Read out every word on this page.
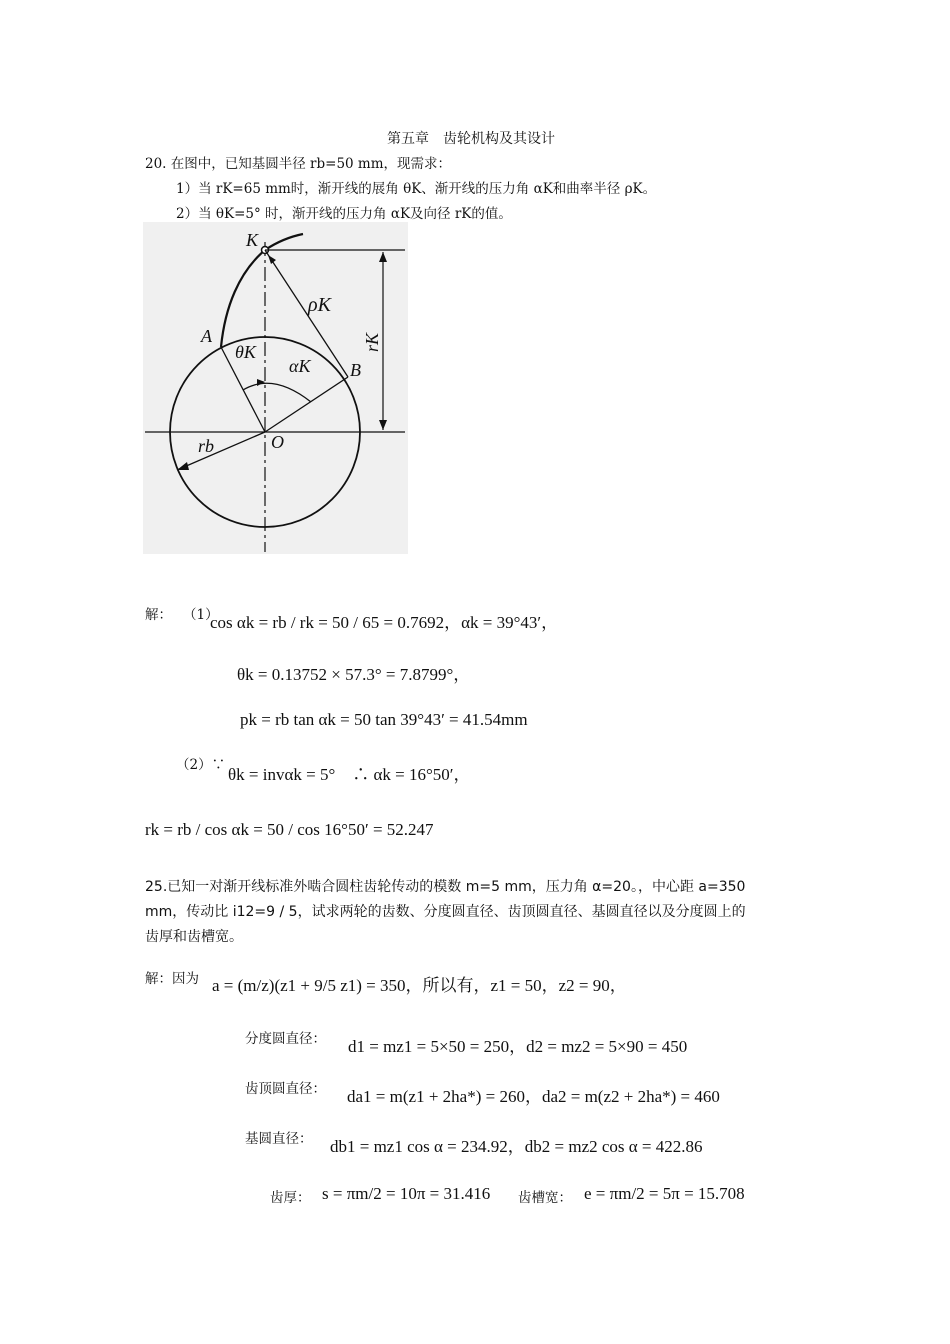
第五章　齿轮机构及其设计
20. 在图中，已知基圆半径 rb=50 mm，现需求：
1）当 rK=65 mm时，渐开线的展角 θK、渐开线的压力角 αK和曲率半径 ρK。
2）当 θK=5° 时，渐开线的压力角 αK及向径 rK的值。
K
A
B
O
θK
αK
ρK
rK
rb
解： （1）
cos αk = rb / rk = 50 / 65 = 0.7692，αk = 39°43′，
θk = 0.13752 × 57.3° = 7.8799°，
pk = rb tan αk = 50 tan 39°43′ = 41.54mm
（2）∵ θk = invαk = 5°　∴ αk = 16°50′，
rk = rb / cos αk = 50 / cos 16°50′ = 52.247
25.已知一对渐开线标准外啮合圆柱齿轮传动的模数 m=5 mm，压力角 α=20。，中心距 a=350
mm，传动比 i12=9 / 5，试求两轮的齿数、分度圆直径、齿顶圆直径、基圆直径以及分度圆上的
齿厚和齿槽宽。
解：因为 a = (m/z)(z1 + 9/5 z1) = 350，所以有，z1 = 50，z2 = 90，
分度圆直径： d1 = mz1 = 5×50 = 250，d2 = mz2 = 5×90 = 450
齿顶圆直径： da1 = m(z1 + 2ha*) = 260，da2 = m(z2 + 2ha*) = 460
基圆直径： db1 = mz1 cos α = 234.92，db2 = mz2 cos α = 422.86
齿厚： s = πm/2 = 10π = 31.416 齿槽宽： e = πm/2 = 5π = 15.708
